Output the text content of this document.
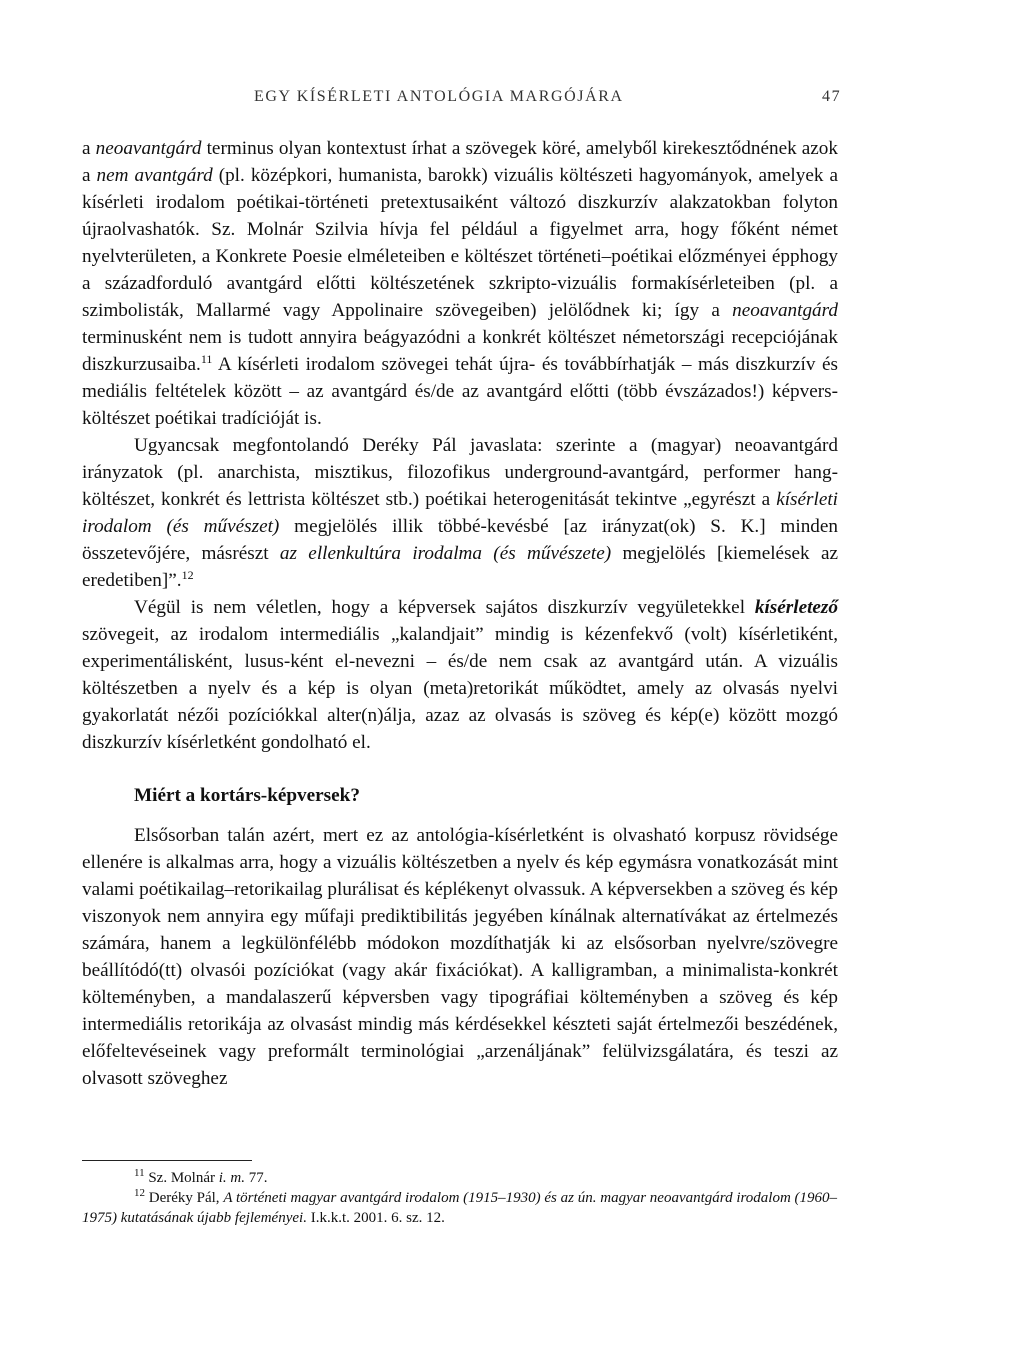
EGY KÍSÉRLETI ANTOLÓGIA MARGÓJÁRA	47

a neoavantgárd terminus olyan kontextust írhat a szövegek köré, amelyből kirekesztődnének azok a nem avantgárd (pl. középkori, humanista, barokk) vizuális költészeti hagyományok, amelyek a kísérleti irodalom poétikai-történeti pretextusaiként változó diszkurzív alakzatokban folyton újraolvashatók. Sz. Molnár Szilvia hívja fel például a figyelmet arra, hogy főként német nyelvterületen, a Konkrete Poesie elméleteiben e költészet történeti–poétikai előzményei épphogy a századforduló avantgárd előtti költészetének szkripto-vizuális formakísérleteiben (pl. a szimbolisták, Mallarmé vagy Appolinaire szövegeiben) jelölődnek ki; így a neoavantgárd terminusként nem is tudott annyira beágyazódni a konkrét költészet németországi recepciójának diszkurzusaiba.$^{11}$ A kísérleti irodalom szövegei tehát újra- és továbbírhatják – más diszkurzív és mediális feltételek között – az avantgárd és/de az avantgárd előtti (több évszázados!) képvers-költészet poétikai tradícióját is.

Ugyancsak megfontolandó Deréky Pál javaslata: szerinte a (magyar) neoavantgárd irányzatok (pl. anarchista, misztikus, filozofikus underground-avantgárd, performer hang-költészet, konkrét és lettrista költészet stb.) poétikai heterogenitását tekintve „egyrészt a kísérleti irodalom (és művészet) megjelölés illik többé-kevésbé [az irányzat(ok) S. K.] minden összetevőjére, másrészt az ellenkultúra irodalma (és művészete) megjelölés [kiemelések az eredetiben]”.$^{12}$

Végül is nem véletlen, hogy a képversek sajátos diszkurzív vegyületekkel kísérletező szövegeit, az irodalom intermediális „kalandjait” mindig is kézenfekvő (volt) kísérletiként, experimentálisként, lusus-ként el-nevezni – és/de nem csak az avantgárd után. A vizuális költészetben a nyelv és a kép is olyan (meta)retorikát működtet, amely az olvasás nyelvi gyakorlatát nézői pozíciókkal alter(n)álja, azaz az olvasás is szöveg és kép(e) között mozgó diszkurzív kísérletként gondolható el.

Miért a kortárs-képversek?

Elsősorban talán azért, mert ez az antológia-kísérletként is olvasható korpusz rövidsége ellenére is alkalmas arra, hogy a vizuális költészetben a nyelv és kép egymásra vonatkozását mint valami poétikailag–retorikailag plurálisat és képlékenyt olvassuk. A képversekben a szöveg és kép viszonyok nem annyira egy műfaji prediktibilitás jegyében kínálnak alternatívákat az értelmezés számára, hanem a legkülönfélébb módokon mozdíthatják ki az elsősorban nyelvre/szövegre beállítódó(tt) olvasói pozíciókat (vagy akár fixációkat). A kalligramban, a minimalista-konkrét költeményben, a mandalaszerű képversben vagy tipográfiai költeményben a szöveg és kép intermediális retorikája az olvasást mindig más kérdésekkel készteti saját értelmezői beszédének, előfeltevéseinek vagy preformált terminológiai „arzenáljának” felülvizsgálatára, és teszi az olvasott szöveghez

$^{11}$ Sz. Molnár i. m. 77.

$^{12}$ Deréky Pál, A történeti magyar avantgárd irodalom (1915–1930) és az ún. magyar neoavantgárd irodalom (1960–1975) kutatásának újabb fejleményei. I.k.k.t. 2001. 6. sz. 12.
